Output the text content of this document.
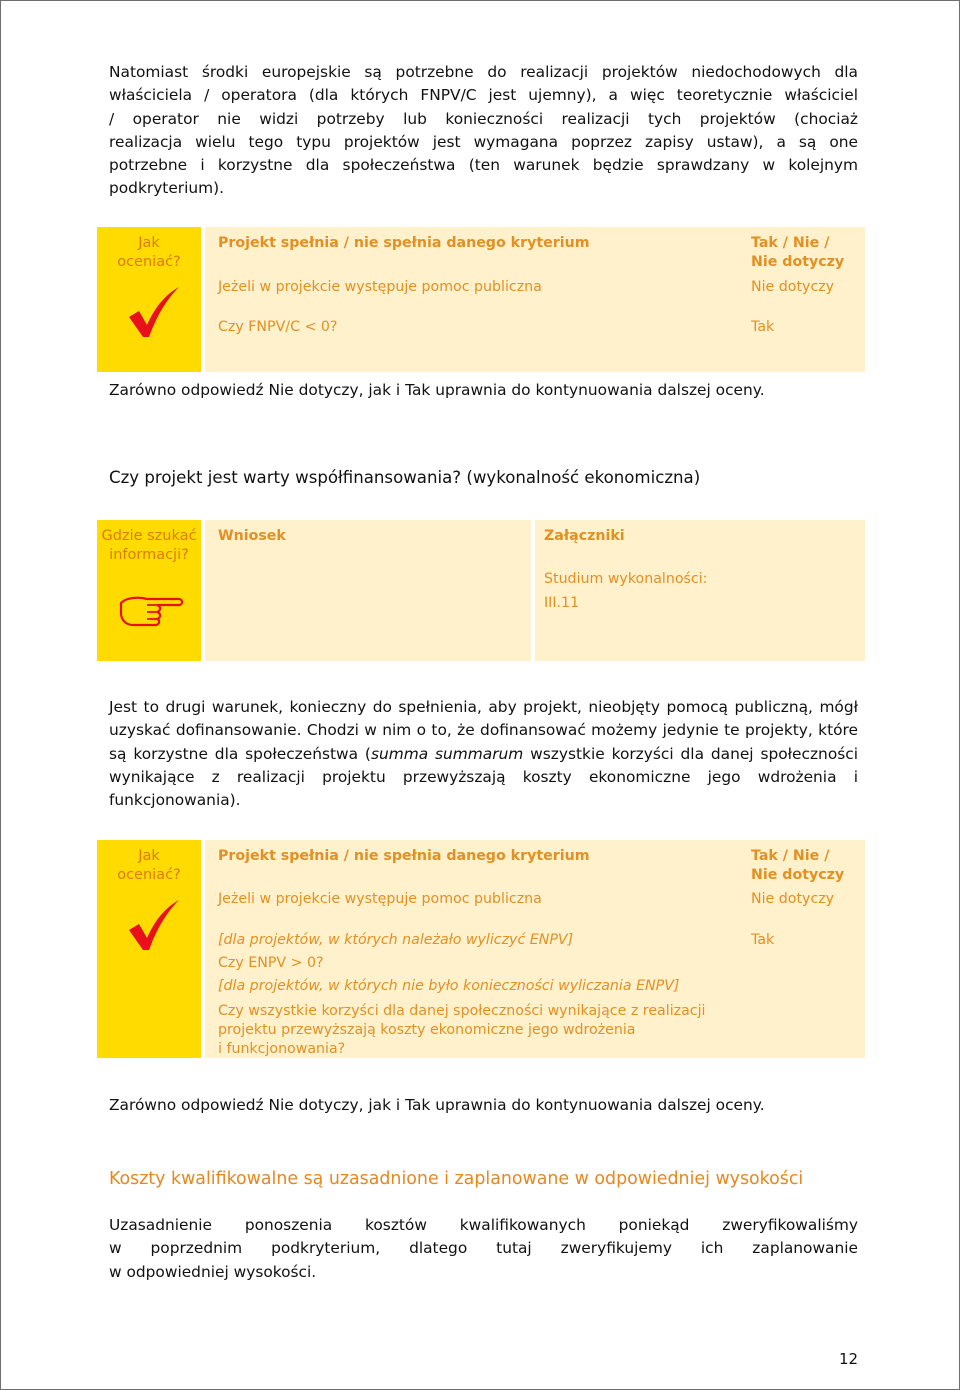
Natomiast środki europejskie są potrzebne do realizacji projektów niedochodowych dla

właściciela / operatora (dla których FNPV/C jest ujemny), a więc teoretycznie właściciel

/ operator nie widzi potrzeby lub konieczności realizacji tych projektów (chociaż

realizacja wielu tego typu projektów jest wymagana poprzez zapisy ustaw), a są one

potrzebne i korzystne dla społeczeństwa (ten warunek będzie sprawdzany w kolejnym

podkryterium).

Jak oceniać?
Projekt spełnia / nie spełnia danego kryterium	Tak / Nie /
Nie dotyczy
Jeżeli w projekcie występuje pomoc publiczna	Nie dotyczy
Czy FNPV/C < 0?	Tak
Zarówno odpowiedź Nie dotyczy, jak i Tak uprawnia do kontynuowania dalszej oceny.
Czy projekt jest warty współfinansowania? (wykonalność ekonomiczna)
Gdzie szukać
informacji?
Wniosek	Załączniki
Studium wykonalności:
III.11
Jest to drugi warunek, konieczny do spełnienia, aby projekt, nieobjęty pomocą publiczną, mógł uzyskać dofinansowanie. Chodzi w nim o to, że dofinansować możemy jedynie te projekty, które są korzystne dla społeczeństwa (summa summarum wszystkie korzyści dla danej społeczności wynikające z realizacji projektu przewyższają koszty ekonomiczne jego wdrożenia i funkcjonowania).
Jak oceniać?
Projekt spełnia / nie spełnia danego kryterium	Tak / Nie /
Nie dotyczy
Jeżeli w projekcie występuje pomoc publiczna	Nie dotyczy
[dla projektów, w których należało wyliczyć ENPV]	Tak
Czy ENPV > 0?
[dla projektów, w których nie było konieczności wyliczania ENPV]
Czy wszystkie korzyści dla danej społeczności wynikające z realizacji
projektu przewyższają koszty ekonomiczne jego wdrożenia
i funkcjonowania?
Zarówno odpowiedź Nie dotyczy, jak i Tak uprawnia do kontynuowania dalszej oceny.
Koszty kwalifikowalne są uzasadnione i zaplanowane w odpowiedniej wysokości

Uzasadnienie ponoszenia kosztów kwalifikowanych poniekąd zweryfikowaliśmy

w poprzednim podkryterium, dlatego tutaj zweryfikujemy ich zaplanowanie

w odpowiedniej wysokości.

12
